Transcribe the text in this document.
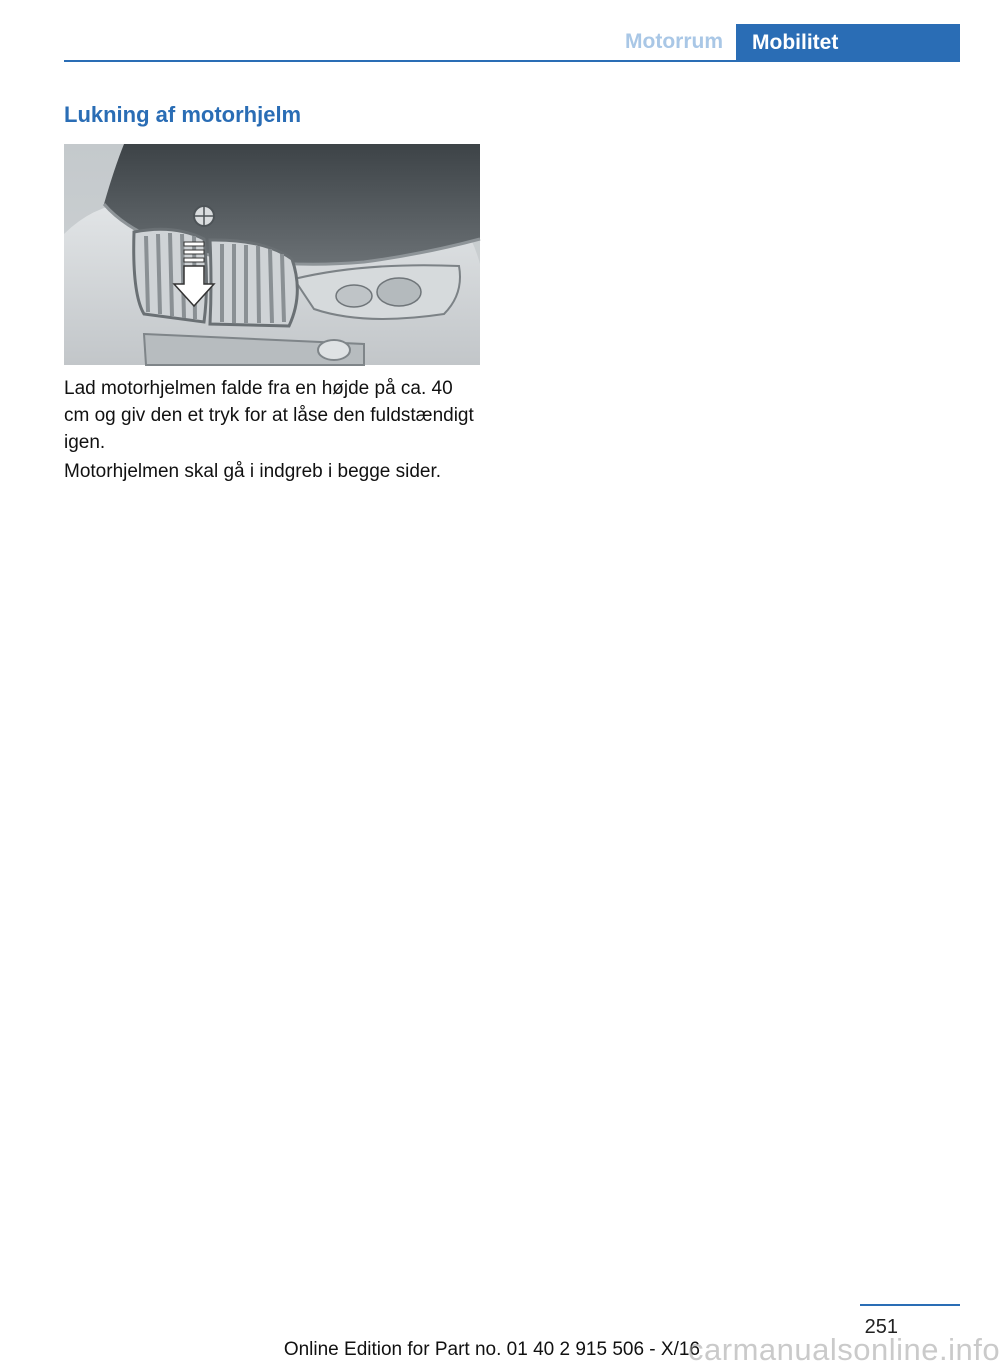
Motorrum	Mobilitet
Lukning af motorhjelm

Lad motorhjelmen falde fra en højde på ca. 40 cm og giv den et tryk for at låse den fuldstændigt igen.

Motorhjelmen skal gå i indgreb i begge sider.

251
Online Edition for Part no. 01 40 2 915 506 - X/16
carmanualsonline.info
